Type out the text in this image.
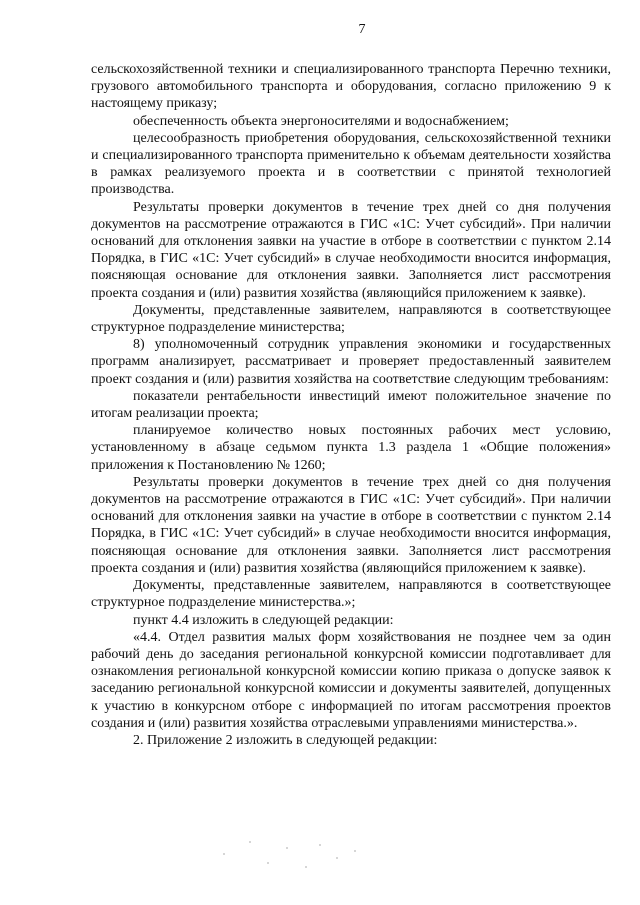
7

сельскохозяйственной техники и специализированного транспорта Перечню техники, грузового автомобильного транспорта и оборудования, согласно приложению 9 к настоящему приказу;

обеспеченность объекта энергоносителями и водоснабжением;

целесообразность приобретения оборудования, сельскохозяйственной техники и специализированного транспорта применительно к объемам деятельности хозяйства в рамках реализуемого проекта и в соответствии с принятой технологией производства.

Результаты проверки документов в течение трех дней со дня получения документов на рассмотрение отражаются в ГИС «1С: Учет субсидий». При наличии оснований для отклонения заявки на участие в отборе в соответствии с пунктом 2.14 Порядка, в ГИС «1С: Учет субсидий» в случае необходимости вносится информация, поясняющая основание для отклонения заявки. Заполняется лист рассмотрения проекта создания и (или) развития хозяйства (являющийся приложением к заявке).

Документы, представленные заявителем, направляются в соответствующее структурное подразделение министерства;

8) уполномоченный сотрудник управления экономики и государственных программ анализирует, рассматривает и проверяет предоставленный заявителем проект создания и (или) развития хозяйства на соответствие следующим требованиям:

показатели рентабельности инвестиций имеют положительное значение по итогам реализации проекта;

планируемое количество новых постоянных рабочих мест условию, установленному в абзаце седьмом пункта 1.3 раздела 1 «Общие положения» приложения к Постановлению № 1260;

Результаты проверки документов в течение трех дней со дня получения документов на рассмотрение отражаются в ГИС «1С: Учет субсидий». При наличии оснований для отклонения заявки на участие в отборе в соответствии с пунктом 2.14 Порядка, в ГИС «1С: Учет субсидий» в случае необходимости вносится информация, поясняющая основание для отклонения заявки. Заполняется лист рассмотрения проекта создания и (или) развития хозяйства (являющийся приложением к заявке).

Документы, представленные заявителем, направляются в соответствующее структурное подразделение министерства.»;

пункт 4.4 изложить в следующей редакции:

«4.4. Отдел развития малых форм хозяйствования не позднее чем за один рабочий день до заседания региональной конкурсной комиссии подготавливает для ознакомления региональной конкурсной комиссии копию приказа о допуске заявок к заседанию региональной конкурсной комиссии и документы заявителей, допущенных к участию в конкурсном отборе с информацией по итогам рассмотрения проектов создания и (или) развития хозяйства отраслевыми управлениями министерства.».

2. Приложение 2 изложить в следующей редакции:
